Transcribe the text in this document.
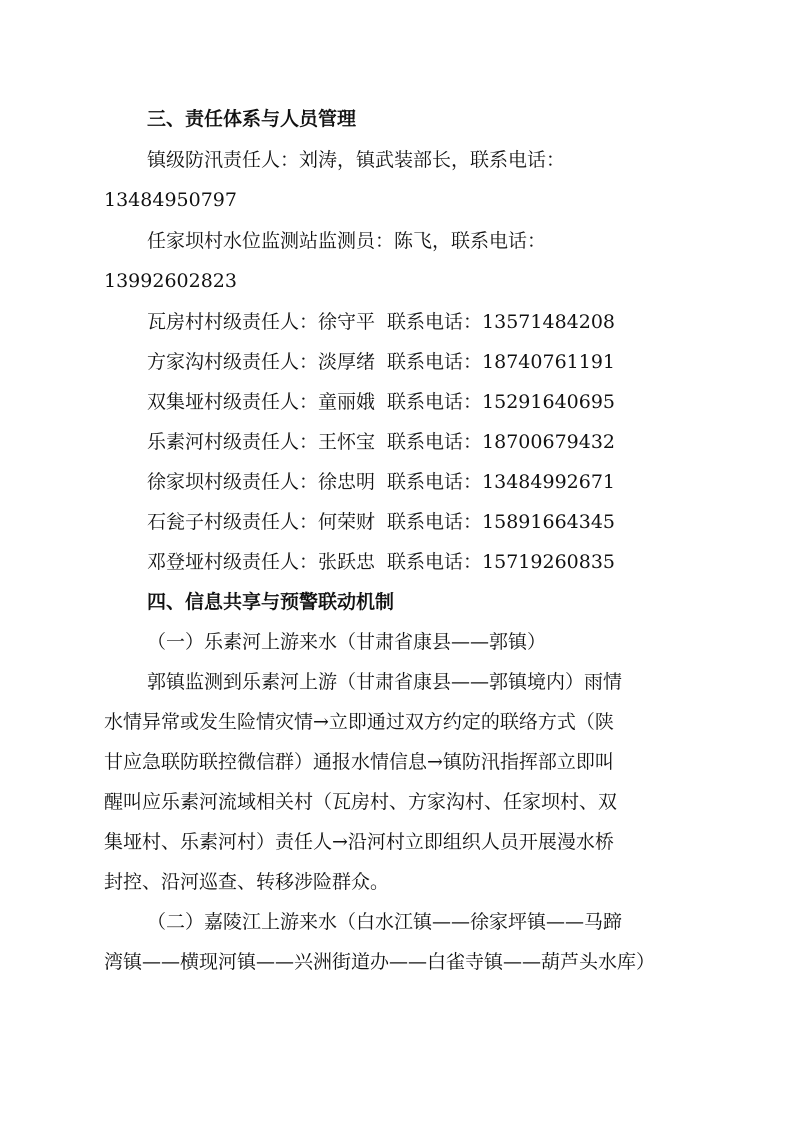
三、责任体系与人员管理
镇级防汛责任人：刘涛，镇武装部长，联系电话：
13484950797
任家坝村水位监测站监测员：陈飞，联系电话：
13992602823
瓦房村村级责任人：徐守平 联系电话：13571484208
方家沟村级责任人：淡厚绪 联系电话：18740761191
双集垭村级责任人：童丽娥 联系电话：15291640695
乐素河村级责任人：王怀宝 联系电话：18700679432
徐家坝村级责任人：徐忠明 联系电话：13484992671
石瓮子村级责任人：何荣财 联系电话：15891664345
邓登垭村级责任人：张跃忠 联系电话：15719260835
四、信息共享与预警联动机制
（一）乐素河上游来水（甘肃省康县——郭镇）
郭镇监测到乐素河上游（甘肃省康县——郭镇境内）雨情
水情异常或发生险情灾情→立即通过双方约定的联络方式（陕
甘应急联防联控微信群）通报水情信息→镇防汛指挥部立即叫
醒叫应乐素河流域相关村（瓦房村、方家沟村、任家坝村、双
集垭村、乐素河村）责任人→沿河村立即组织人员开展漫水桥
封控、沿河巡查、转移涉险群众。
（二）嘉陵江上游来水（白水江镇——徐家坪镇——马蹄
湾镇——横现河镇——兴洲街道办——白雀寺镇——葫芦头水库）
